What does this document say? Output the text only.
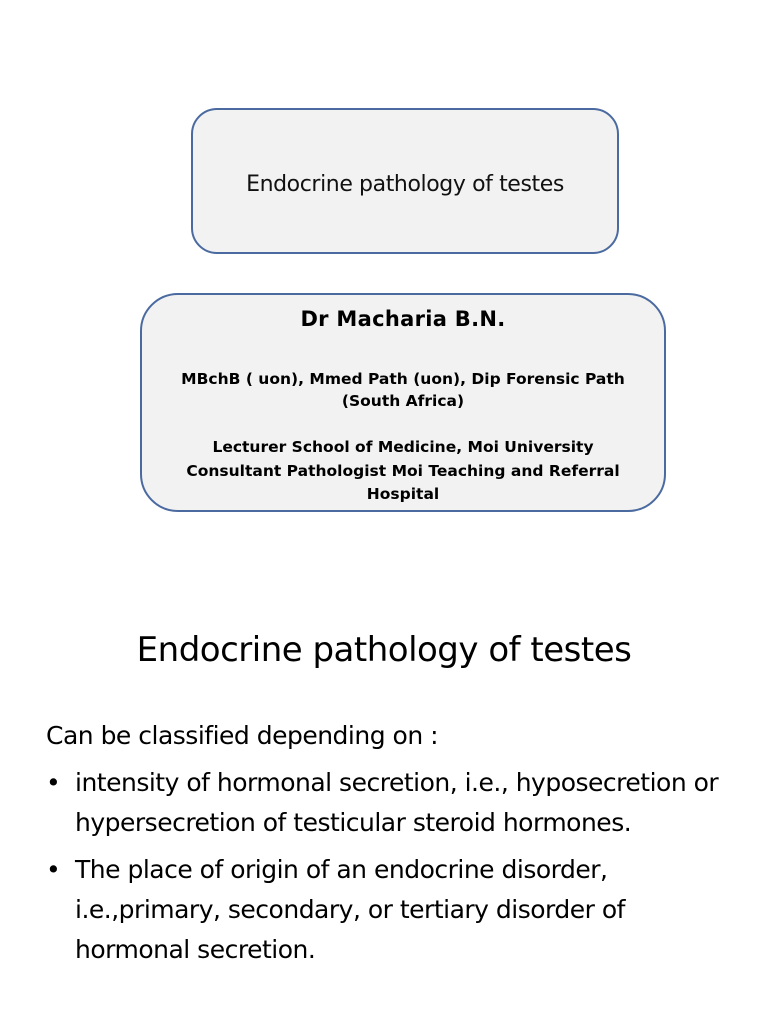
Endocrine pathology of testes
Dr Macharia B.N.
MBchB ( uon), Mmed Path (uon), Dip Forensic Path (South Africa)
Lecturer School of Medicine, Moi University
Consultant Pathologist Moi Teaching and Referral Hospital
Endocrine pathology of testes

Can be classified depending on :

• intensity of hormonal secretion, i.e., hyposecretion or hypersecretion of testicular steroid hormones.
• The place of origin of an endocrine disorder, i.e.,primary, secondary, or tertiary disorder of hormonal secretion.
